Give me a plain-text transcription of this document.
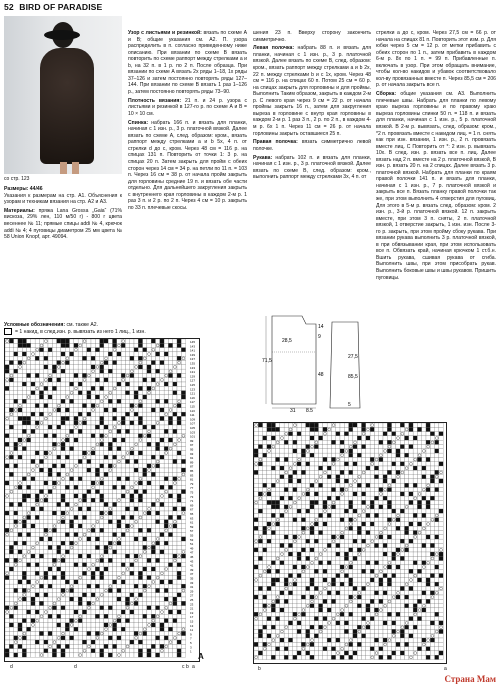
52 BIRD OF PARADISE
со стр. 123

Размеры: 44/46
Указания к размерам на стр. А1. Объяснения к узорам и техникам вязания на стр. А2 и А3.

Материалы: пряжа Lana Grossa „Gaia“ (71% вискоза, 29% лен, 110 м/50 г) - 800 г цвета весеннее № 11; прямые спицы addi № 4, крючок addi № 4; 4 пуговицы диаметром 25 мм цвета № 58 Union Knopf, арт. 49094.

Условные обозначения: см. также А2.
= 1 накид, в след.изн. р. вывязать из него 1 лиц., 1 изн.

Узор с листьями и резинкой: вязать по схеме А и В; общие указания см. А2. П. узора распределить в п. согласно приведенному ниже описанию. При вязании по схеме В вязать повторить по схеме раппорт между стрелками а и b, на 32 п. в 1 р. по 2 п. После образца. При вязании по схеме А вязать 2х ряды 1–18, 1х ряды 37–126 и затем постоянно повторять ряды 127–144. При вязании по схеме В вязать 1 раз 1–126 р., затем постоянно повторять ряды 73–90.

Плотность вязания: 21 п. и 24 р. узора с листьями и резинкой в 127-го р. по схеме А и В = 10 × 10 см.

Спинка: набрать 166 п. и вязать для планки, начиная с 1 изн. р., 3 р. платочной вязкой. Далее вязать по схеме А, след. образом: кром., вязать раппорт между стрелками а и b 5х, 4 п. от стрелки d до с, кром. Через 48 см = 116 р. на спицах 131 п. Повторить от точки 1: 3 р. на спицах 20 п. Затем закрыть для пройм с обеих сторон через 14 см = 34 р. на петли по 11 п. = 103 п. Через 16 см = 38 р. от начала пройм закрыть для горловины средние 19 п. и вязать обе части отдельно. Для дальнейшего закругления закрыть с внутреннего края горловины в каждом 2-м р. 1 раз 3 п. и 2 р. по 2 п. Через 4 см = 10 р. закрыть по 33 п. плечевые скосы.

шения 23 п. Вверху сторону закончить симметрично.

Левая полочка: набрать 88 п. и вязать для планки, начиная с 1 изн. р., 3 р. платочной вязкой. Далее вязать по схеме В, след. образом: кром., вязать раппорт между стрелками а и b 2х, 22 п. между стрелками b и c 1х, кром. Через 48 см = 116 р. на спицах 60 п. Потом 25 см = 60 р. на спицах закрыть для горловины и для проймы. Выполнить Таким образом, закрыть в каждом 2-м р. С левого края через 9 см = 22 р. от начала проймы закрыть 16 п., затем для закругления выреза в горловине с внутр края горловины в каждом 2-м р. 1 раз 3 п., 2 р. по 2 п., в каждом 4-м р. 6х 1 п. Через 11 см = 26 р. от начала горловины закрыть оставшиеся 25 п.

Правая полочка: вязать симметрично левой полочке.

Рукава: набрать 102 п. и вязать для планки, начиная с 1 изн. р., 3 р. платочной вязкой. Далее вязать по схеме В, след. образом: кром., выполнить раппорт между стрелками 3х, 4 п. от

стрелки а до с, кром. Через 27,5 см = 66 р. от начала на спицах 81 п. Повторить этот изм. р. Для юбки через 5 см = 12 р. от метки прибавить с обеих сторон по 1 п., затем прибавить в каждом 6-м р. 8х по 1 п. = 99 п. Прибавленные п. включать в узор. При этом обращать внимание, чтобы кол-во накидов и убавок соответствовало кол-ву провязанных вместе п. Через 85,5 см = 206 р. от начала закрыть все п.

Сборка: общие указания см. А3. Выполнить плечевые швы. Набрать для планки по левому краю выреза горловины и по правому краю выреза горловины спинки 50 п. = 118 п. и вязать для планки, начиная с 1 изн. р., 5 р. платочной вязкой. В 2-м р. вывязать, след. образом: кром., *2 п. провязать вместе с накидом лиц. = 1 п. снять как при изн. вязании, 1 изн. p., 2 п. провязать вместе лиц. С Повторить от *: 2 изн. р. вывязать 10х. В след. изн. р. вязать все п. лиц. Далее вязать над 2 п. вместе на 2 р. платочной вязкой, В изн. р. вязать 20 п. на 2 спицах. Далее вязать 3 р. платочной вязкой. Набрать для планки по краям правой полочки 141 п. и вязать для планки, начиная с 1 изн. р., 7 р. платочной вязкой и закрыть все п. Вязать планку правой полочки так же, при этом выполнить 4 отверстия для пуговиц. Для этого в 5-м р. вязать след. образом: кром. 2 изн. р., 3-й р. платочной вязкой. 12 п. закрыть вместе, при этом 3 п. сняты, 2 п. платочной вязкой, 1 отверстие закрыть, 1 изн. изн. После 3-го р. закрыть, при этом пройму сбоку рукава. При вязании рукава выполнить 3 р. платочной вязкой, в при обвязывании края, при этом использовать все п. Обвязать край, начиная крючком 1 ст.б.н. Вшить рукава, сшивая рукава от сгиба. Выполнить швы, при этом присобрать рукав. Выполнить боковые швы и швы рукавов. Пришить пуговицы.

28,5
14
9
71,5
48
31 8,5
27,5
85,5
5
145
143
141
139
137
135
133
131
129
127
125
123
121
119
117
115
113
111
109
107
105
103
101
99
97
95
93
91
89
87
85
83
81
79
77
75
73
71
69
67
65
63
61
59
57
55
53
51
49
47
45
43
41
39
37
35
33
31
29
27
25
23
21
19
17
15
13
11
9
7
5
3
1
A
d	d	c b a	b	a
Страна Мам
